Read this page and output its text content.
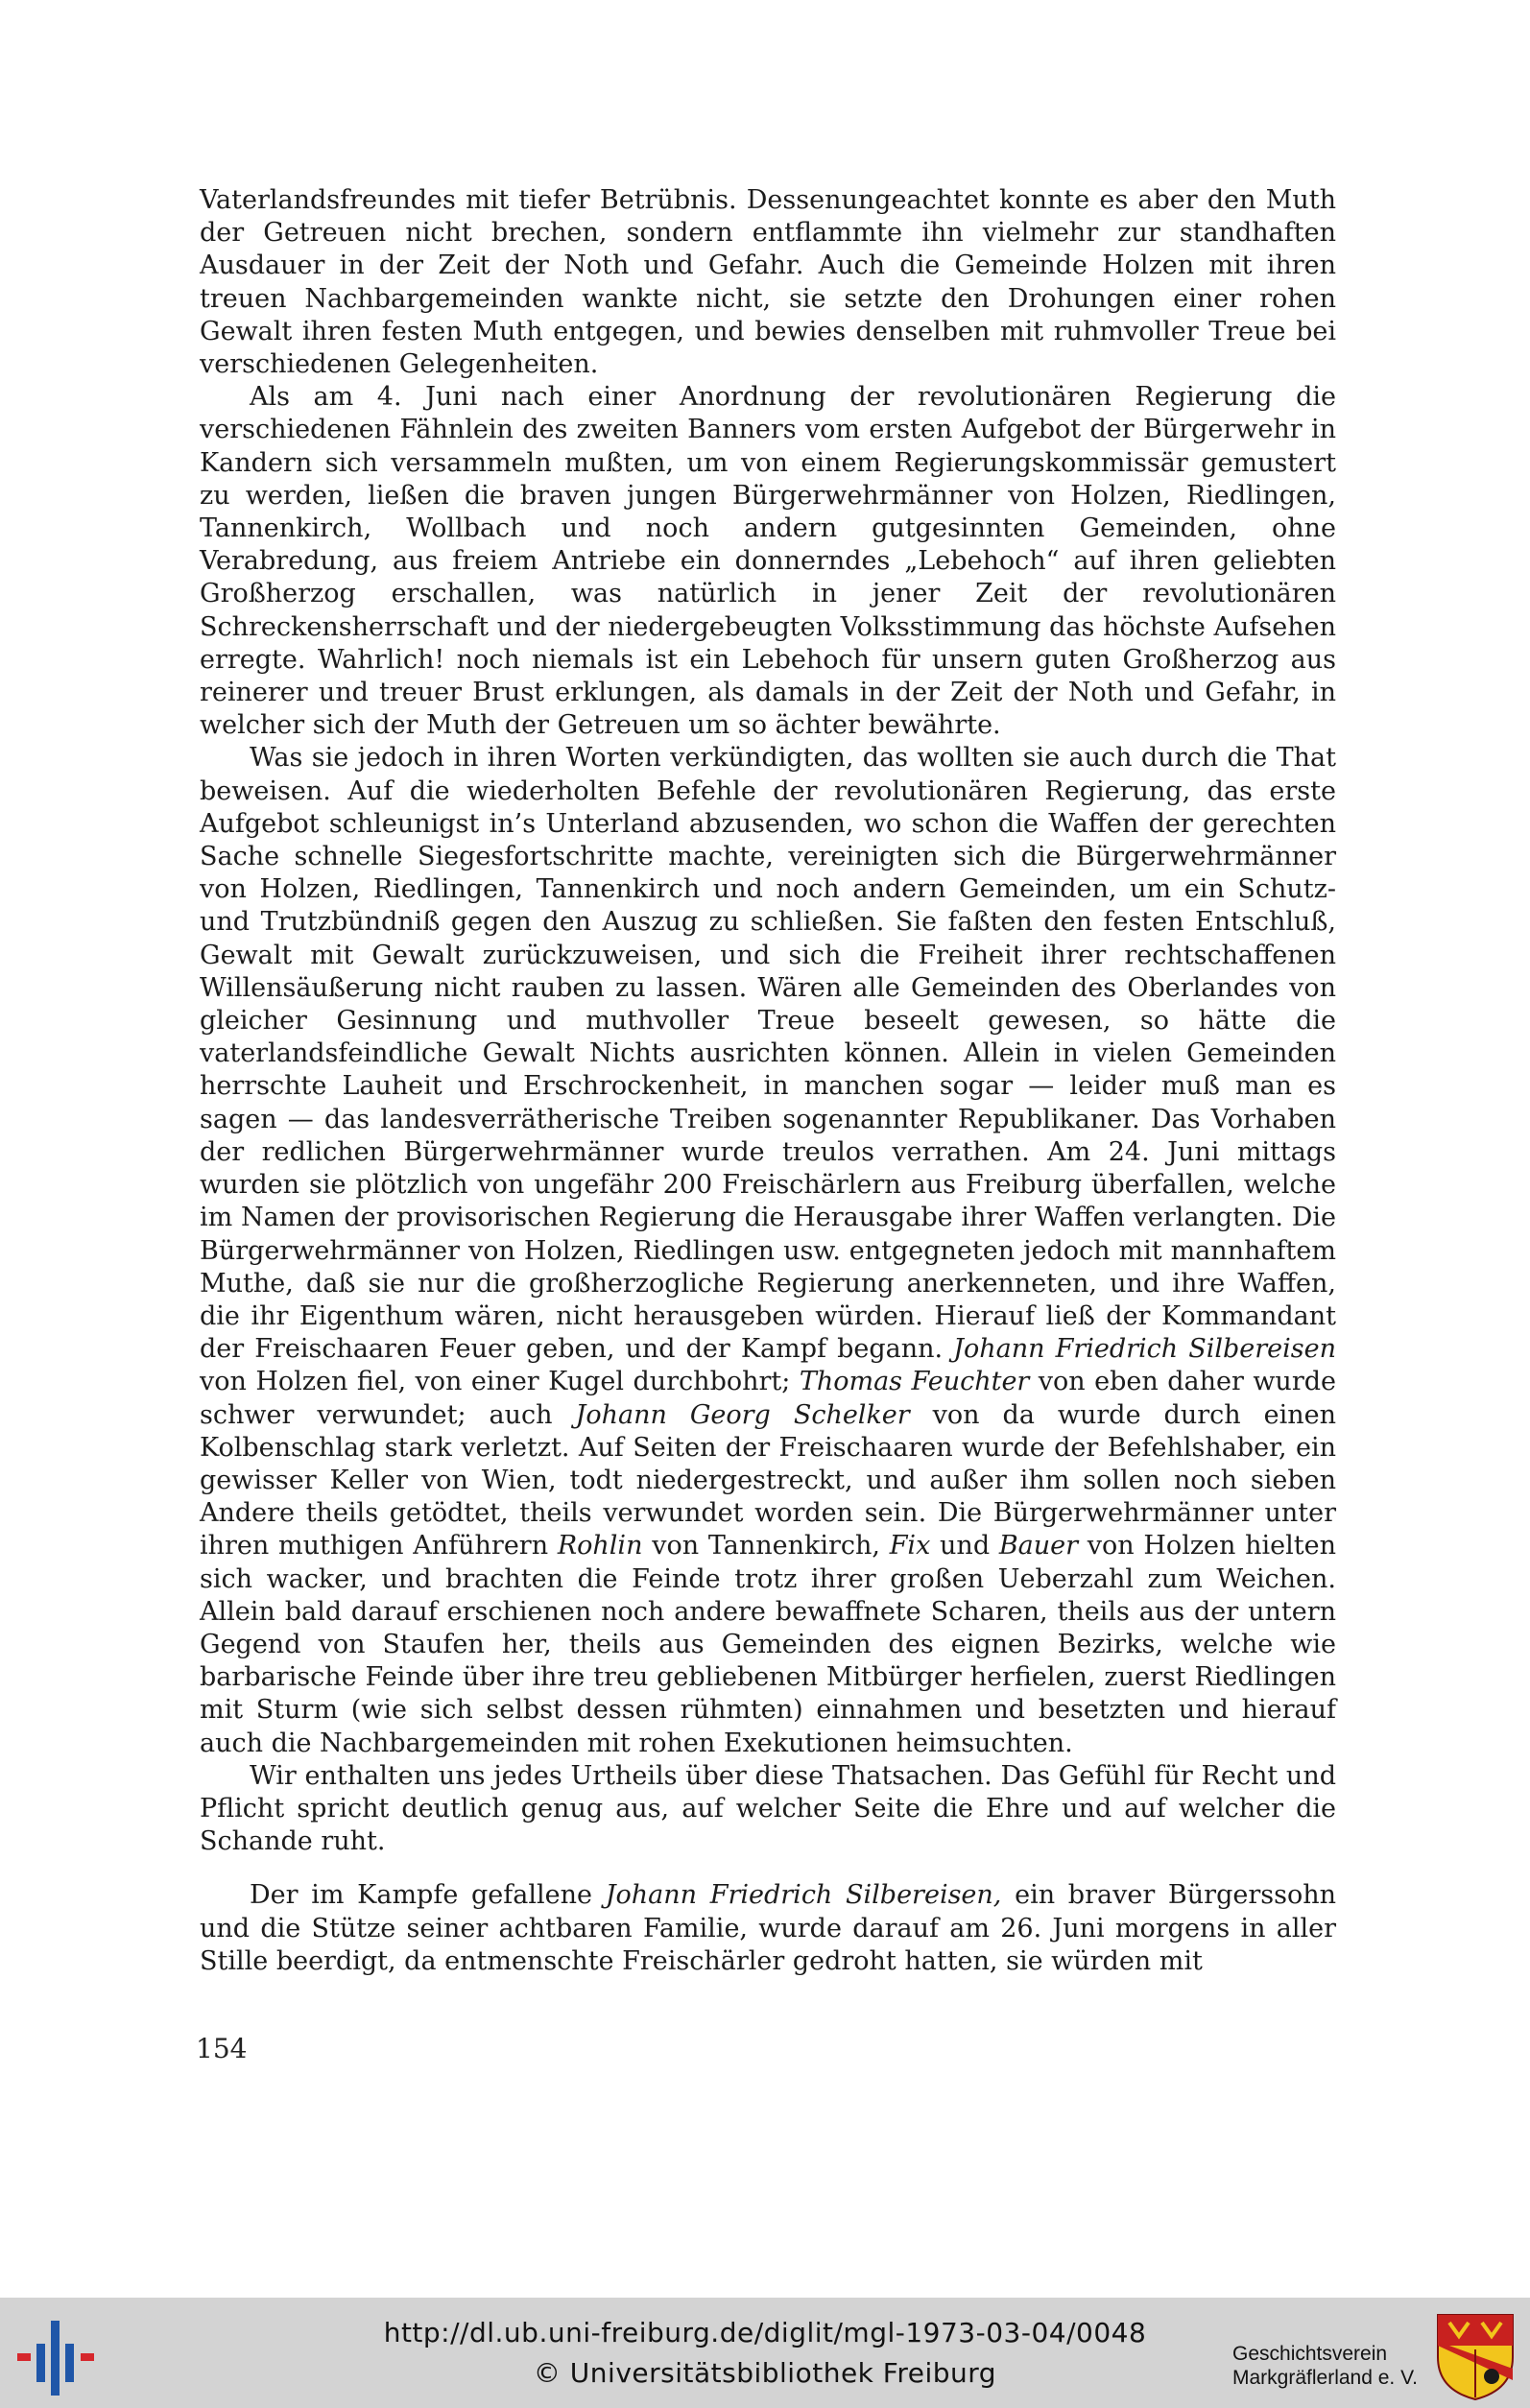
Vaterlandsfreundes mit tiefer Betrübnis. Dessenungeachtet konnte es aber den Muth der Getreuen nicht brechen, sondern entflammte ihn vielmehr zur standhaften Ausdauer in der Zeit der Noth und Gefahr. Auch die Gemeinde Holzen mit ihren treuen Nachbargemeinden wankte nicht, sie setzte den Drohungen einer rohen Gewalt ihren festen Muth entgegen, und bewies denselben mit ruhmvoller Treue bei verschiedenen Gelegenheiten.

Als am 4. Juni nach einer Anordnung der revolutionären Regierung die verschiedenen Fähnlein des zweiten Banners vom ersten Aufgebot der Bürgerwehr in Kandern sich versammeln mußten, um von einem Regierungskommissär gemustert zu werden, ließen die braven jungen Bürgerwehrmänner von Holzen, Riedlingen, Tannenkirch, Wollbach und noch andern gutgesinnten Gemeinden, ohne Verabredung, aus freiem Antriebe ein donnerndes „Lebehoch“ auf ihren geliebten Großherzog erschallen, was natürlich in jener Zeit der revolutionären Schreckensherrschaft und der niedergebeugten Volksstimmung das höchste Aufsehen erregte. Wahrlich! noch niemals ist ein Lebehoch für unsern guten Großherzog aus reinerer und treuer Brust erklungen, als damals in der Zeit der Noth und Gefahr, in welcher sich der Muth der Getreuen um so ächter bewährte.

Was sie jedoch in ihren Worten verkündigten, das wollten sie auch durch die That beweisen. Auf die wiederholten Befehle der revolutionären Regierung, das erste Aufgebot schleunigst in’s Unterland abzusenden, wo schon die Waffen der gerechten Sache schnelle Siegesfortschritte machte, vereinigten sich die Bürgerwehrmänner von Holzen, Riedlingen, Tannenkirch und noch andern Gemeinden, um ein Schutz- und Trutzbündniß gegen den Auszug zu schließen. Sie faßten den festen Entschluß, Gewalt mit Gewalt zurückzuweisen, und sich die Freiheit ihrer rechtschaffenen Willensäußerung nicht rauben zu lassen. Wären alle Gemeinden des Oberlandes von gleicher Gesinnung und muthvoller Treue beseelt gewesen, so hätte die vaterlandsfeindliche Gewalt Nichts ausrichten können. Allein in vielen Gemeinden herrschte Lauheit und Erschrockenheit, in manchen sogar — leider muß man es sagen — das landesverrätherische Treiben sogenannter Republikaner. Das Vorhaben der redlichen Bürgerwehrmänner wurde treulos verrathen. Am 24. Juni mittags wurden sie plötzlich von ungefähr 200 Freischärlern aus Freiburg überfallen, welche im Namen der provisorischen Regierung die Herausgabe ihrer Waffen verlangten. Die Bürgerwehrmänner von Holzen, Riedlingen usw. entgegneten jedoch mit mannhaftem Muthe, daß sie nur die großherzogliche Regierung anerkenneten, und ihre Waffen, die ihr Eigenthum wären, nicht herausgeben würden. Hierauf ließ der Kommandant der Freischaaren Feuer geben, und der Kampf begann. Johann Friedrich Silbereisen von Holzen fiel, von einer Kugel durchbohrt; Thomas Feuchter von eben daher wurde schwer verwundet; auch Johann Georg Schelker von da wurde durch einen Kolbenschlag stark verletzt. Auf Seiten der Freischaaren wurde der Befehlshaber, ein gewisser Keller von Wien, todt niedergestreckt, und außer ihm sollen noch sieben Andere theils getödtet, theils verwundet worden sein. Die Bürgerwehrmänner unter ihren muthigen Anführern Rohlin von Tannenkirch, Fix und Bauer von Holzen hielten sich wacker, und brachten die Feinde trotz ihrer großen Ueberzahl zum Weichen. Allein bald darauf erschienen noch andere bewaffnete Scharen, theils aus der untern Gegend von Staufen her, theils aus Gemeinden des eignen Bezirks, welche wie barbarische Feinde über ihre treu gebliebenen Mitbürger herfielen, zuerst Riedlingen mit Sturm (wie sich selbst dessen rühmten) einnahmen und besetzten und hierauf auch die Nachbargemeinden mit rohen Exekutionen heimsuchten.

Wir enthalten uns jedes Urtheils über diese Thatsachen. Das Gefühl für Recht und Pflicht spricht deutlich genug aus, auf welcher Seite die Ehre und auf welcher die Schande ruht.

Der im Kampfe gefallene Johann Friedrich Silbereisen, ein braver Bürgerssohn und die Stütze seiner achtbaren Familie, wurde darauf am 26. Juni morgens in aller Stille beerdigt, da entmenschte Freischärler gedroht hatten, sie würden mit

154
http://dl.ub.uni-freiburg.de/diglit/mgl-1973-03-04/0048
© Universitätsbibliothek Freiburg
Geschichtsverein
Markgräflerland e. V.
